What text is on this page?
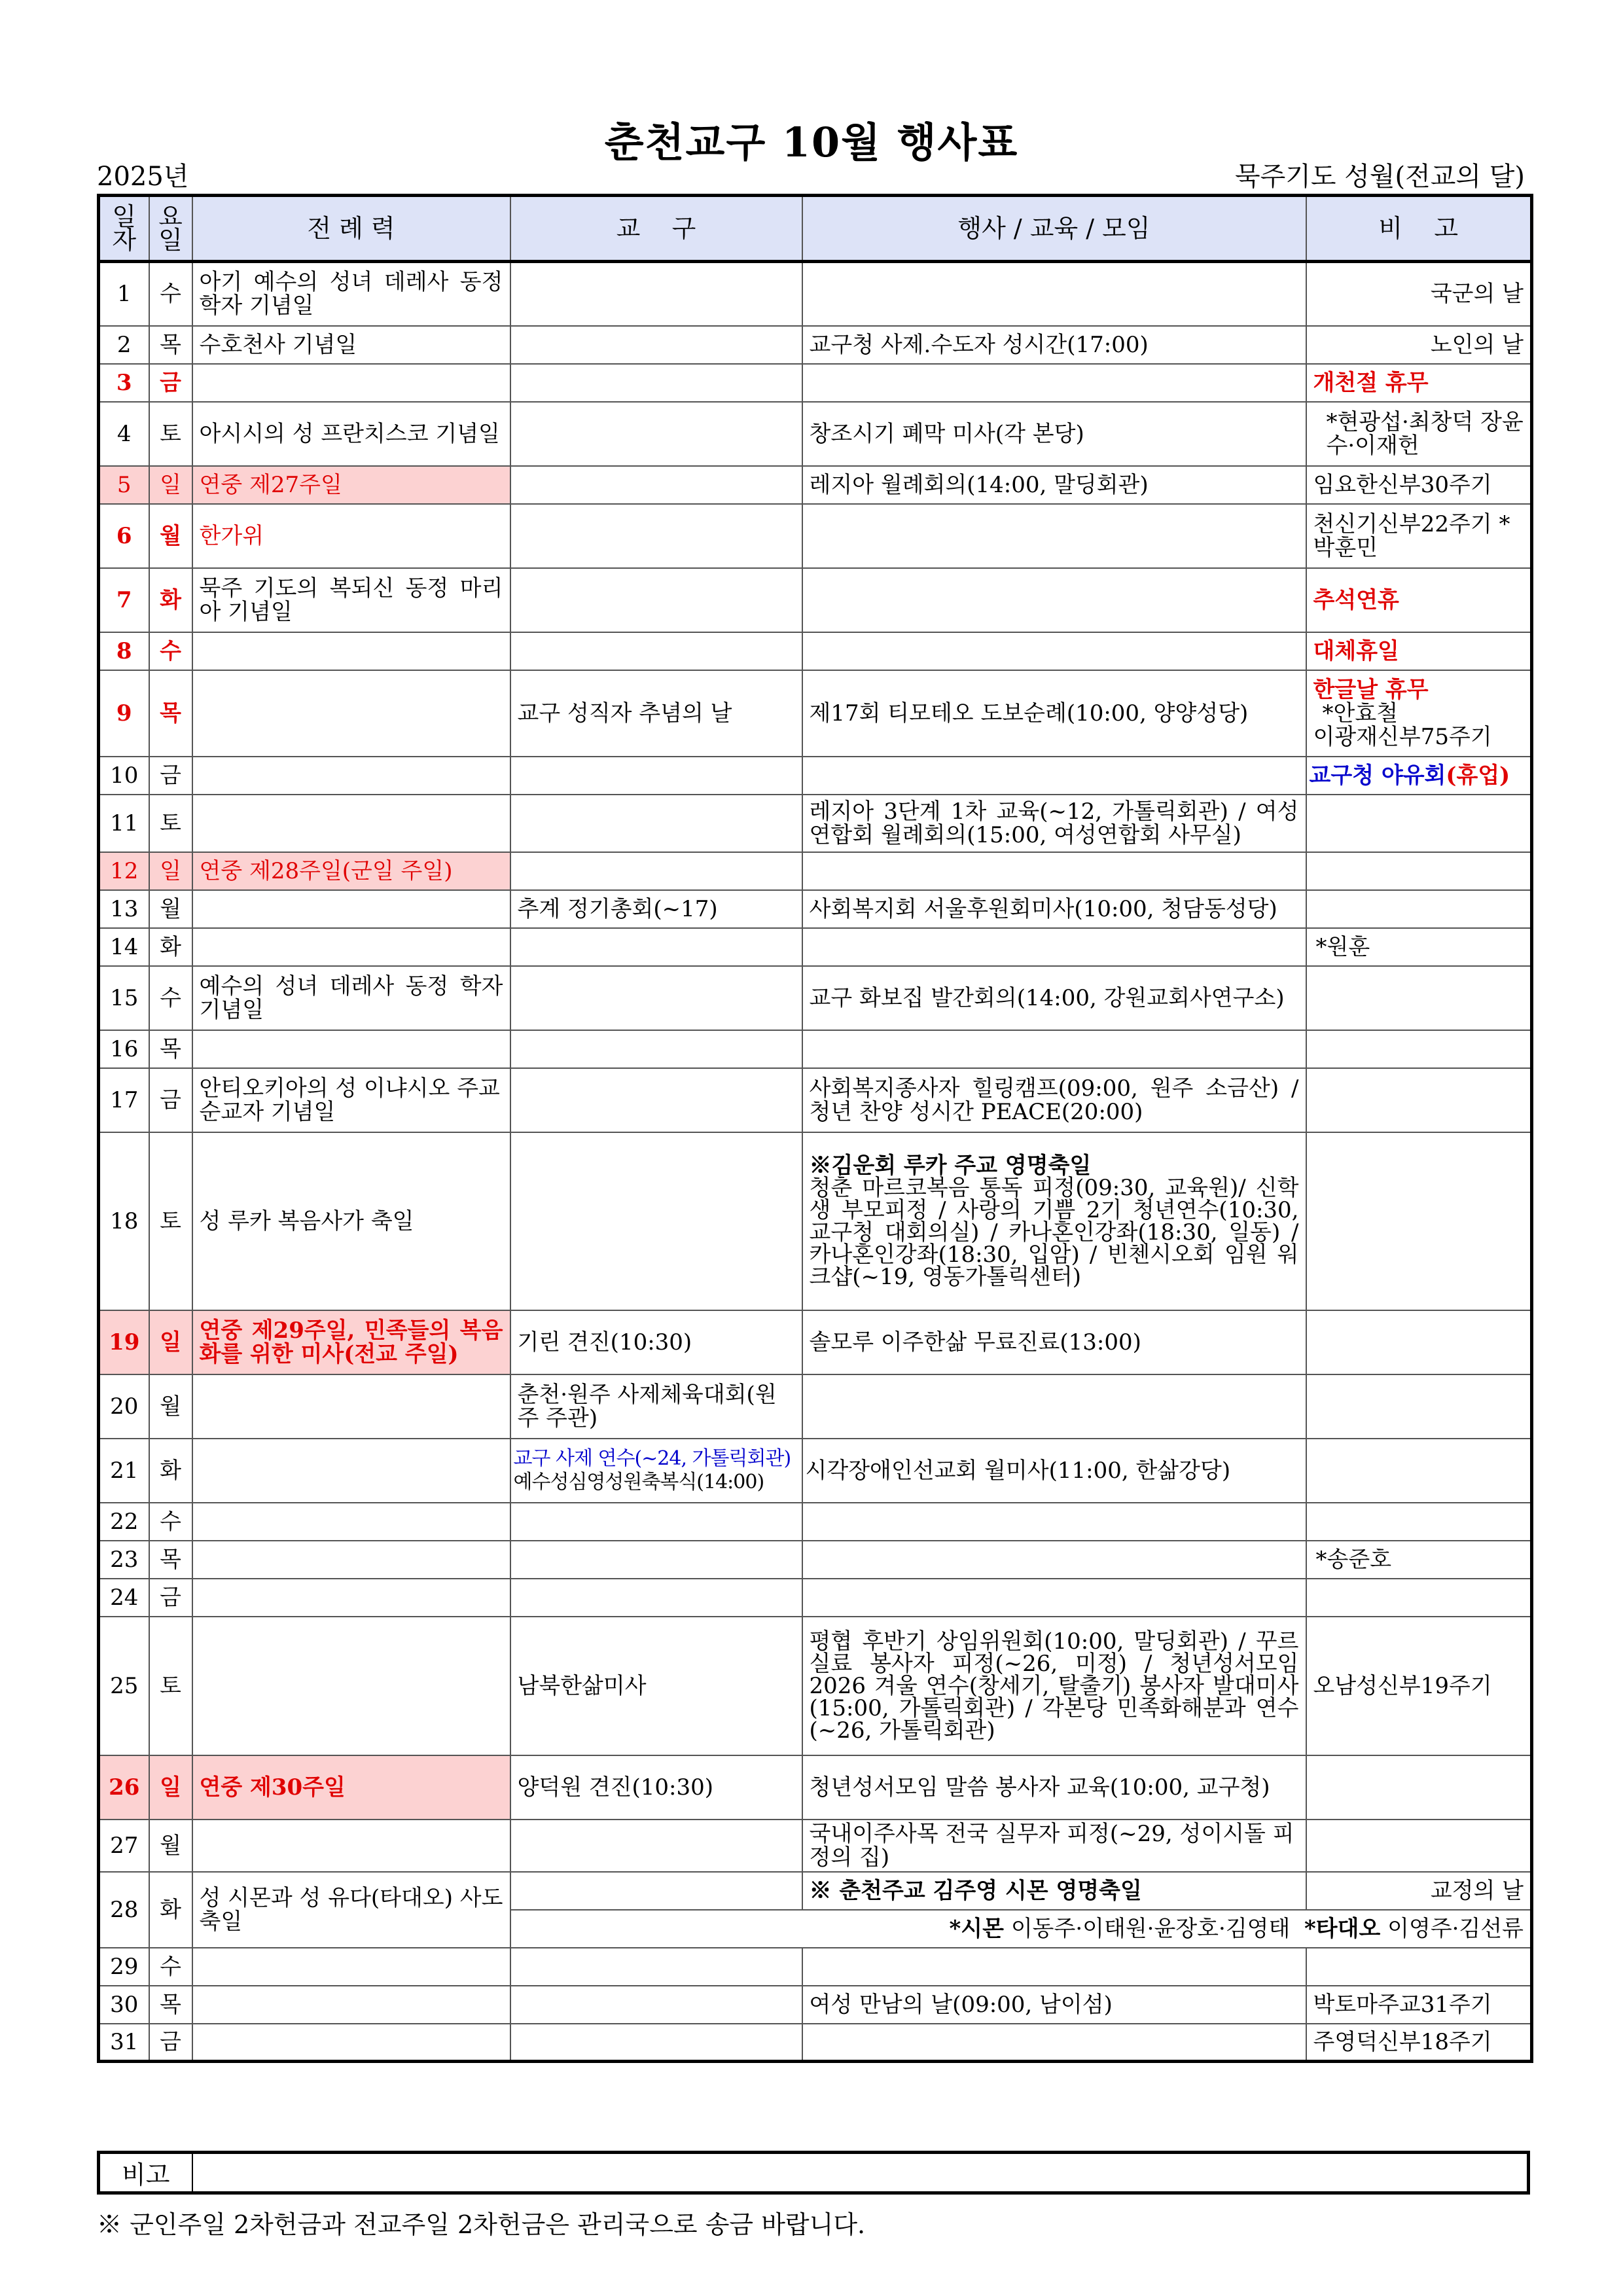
춘천교구 10월 행사표
2025년	묵주기도 성월(전교의 달)
일자	요일	전 례 력	교    구	행사 / 교육 / 모임	비    고
1	수	아기 예수의 성녀 데레사 동정 학자 기념일			국군의 날
2	목	수호천사 기념일		교구청 사제.수도자 성시간(17:00)	노인의 날
3	금				개천절 휴무
4	토	아시시의 성 프란치스코 기념일		창조시기 폐막 미사(각 본당)	*현광섭·최창덕 장윤수·이재헌
5	일	연중 제27주일		레지아 월례회의(14:00, 말딩회관)	임요한신부30주기
6	월	한가위			천신기신부22주기 *박훈민
7	화	묵주 기도의 복되신 동정 마리아 기념일			추석연휴
8	수				대체휴일
9	목		교구 성직자 추념의 날	제17회 티모테오 도보순례(10:00, 양양성당)	한글날 휴무
*안효철
이광재신부75주기

10	금				교구청 야유회(휴업)
11	토			레지아 3단계 1차 교육(~12, 가톨릭회관) / 여성연합회 월례회의(15:00, 여성연합회 사무실)	
12	일	연중 제28주일(군일 주일)			
13	월		추계 정기총회(~17)	사회복지회 서울후원회미사(10:00, 청담동성당)	
14	화				*원훈
15	수	예수의 성녀 데레사 동정 학자 기념일		교구 화보집 발간회의(14:00, 강원교회사연구소)	
16	목				
17	금	안티오키아의 성 이냐시오 주교 순교자 기념일		사회복지종사자 힐링캠프(09:00, 원주 소금산) / 청년 찬양 성시간 PEACE(20:00)	
18	토	성 루카 복음사가 축일		※김운회 루카 주교 영명축일
청춘 마르코복음 통독 피정(09:30, 교육원)/ 신학생 부모피정 / 사랑의 기쁨 2기 청년연수(10:30, 교구청 대회의실) / 카나혼인강좌(18:30, 일동) / 카나혼인강좌(18:30, 입암) / 빈첸시오회 임원 워크샵(~19, 영동가톨릭센터)	

19	일	연중 제29주일, 민족들의 복음화를 위한 미사(전교 주일)	기린 견진(10:30)	솔모루 이주한삶 무료진료(13:00)	
20	월		춘천·원주 사제체육대회(원주 주관)		
21	화		교구 사제 연수(~24, 가톨릭회관)
예수성심영성원축복식(14:00)	시각장애인선교회 월미사(11:00, 한삶강당)	
22	수				
23	목				*송준호
24	금				
25	토		남북한삶미사	평협 후반기 상임위원회(10:00, 말딩회관) / 꾸르실료 봉사자 피정(~26, 미정) / 청년성서모임 2026 겨울 연수(창세기, 탈출기) 봉사자 발대미사(15:00, 가톨릭회관) / 각본당 민족화해분과 연수(~26, 가톨릭회관)	오남성신부19주기
26	일	연중 제30주일	양덕원 견진(10:30)	청년성서모임 말씀 봉사자 교육(10:00, 교구청)	
27	월			국내이주사목 전국 실무자 피정(~29, 성이시돌 피정의 집)	
28	화	성 시몬과 성 유다(타대오) 사도 축일		※ 춘천주교 김주영 시몬 영명축일	교정의 날
			*시몬 이동주·이태원·윤장호·김영태 *타대오 이영주·김선류		
29	수				
30	목			여성 만남의 날(09:00, 남이섬)	박토마주교31주기
31	금				주영덕신부18주기
비고	
※ 군인주일 2차헌금과 전교주일 2차헌금은 관리국으로 송금 바랍니다.
